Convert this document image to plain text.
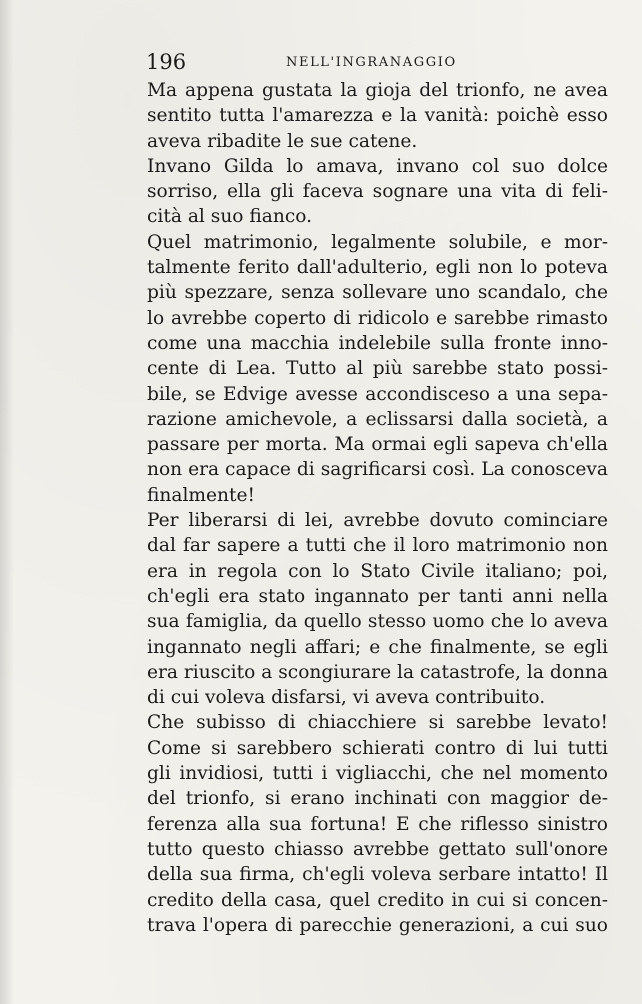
196	NELL'INGRANAGGIO

Ma appena gustata la gioja del trionfo, ne avea
sentito tutta l'amarezza e la vanità: poichè esso
aveva ribadite le sue catene.

Invano Gilda lo amava, invano col suo dolce
sorriso, ella gli faceva sognare una vita di feli-
cità al suo fianco.

Quel matrimonio, legalmente solubile, e mor-
talmente ferito dall'adulterio, egli non lo poteva
più spezzare, senza sollevare uno scandalo, che
lo avrebbe coperto di ridicolo e sarebbe rimasto
come una macchia indelebile sulla fronte inno-
cente di Lea. Tutto al più sarebbe stato possi-
bile, se Edvige avesse accondisceso a una sepa-
razione amichevole, a eclissarsi dalla società, a
passare per morta. Ma ormai egli sapeva ch'ella
non era capace di sagrificarsi così. La conosceva
finalmente!

Per liberarsi di lei, avrebbe dovuto cominciare
dal far sapere a tutti che il loro matrimonio non
era in regola con lo Stato Civile italiano; poi,
ch'egli era stato ingannato per tanti anni nella
sua famiglia, da quello stesso uomo che lo aveva
ingannato negli affari; e che finalmente, se egli
era riuscito a scongiurare la catastrofe, la donna
di cui voleva disfarsi, vi aveva contribuito.

Che subisso di chiacchiere si sarebbe levato!
Come si sarebbero schierati contro di lui tutti
gli invidiosi, tutti i vigliacchi, che nel momento
del trionfo, si erano inchinati con maggior de-
ferenza alla sua fortuna! E che riflesso sinistro
tutto questo chiasso avrebbe gettato sull'onore
della sua firma, ch'egli voleva serbare intatto! Il
credito della casa, quel credito in cui si concen-
trava l'opera di parecchie generazioni, a cui suo
